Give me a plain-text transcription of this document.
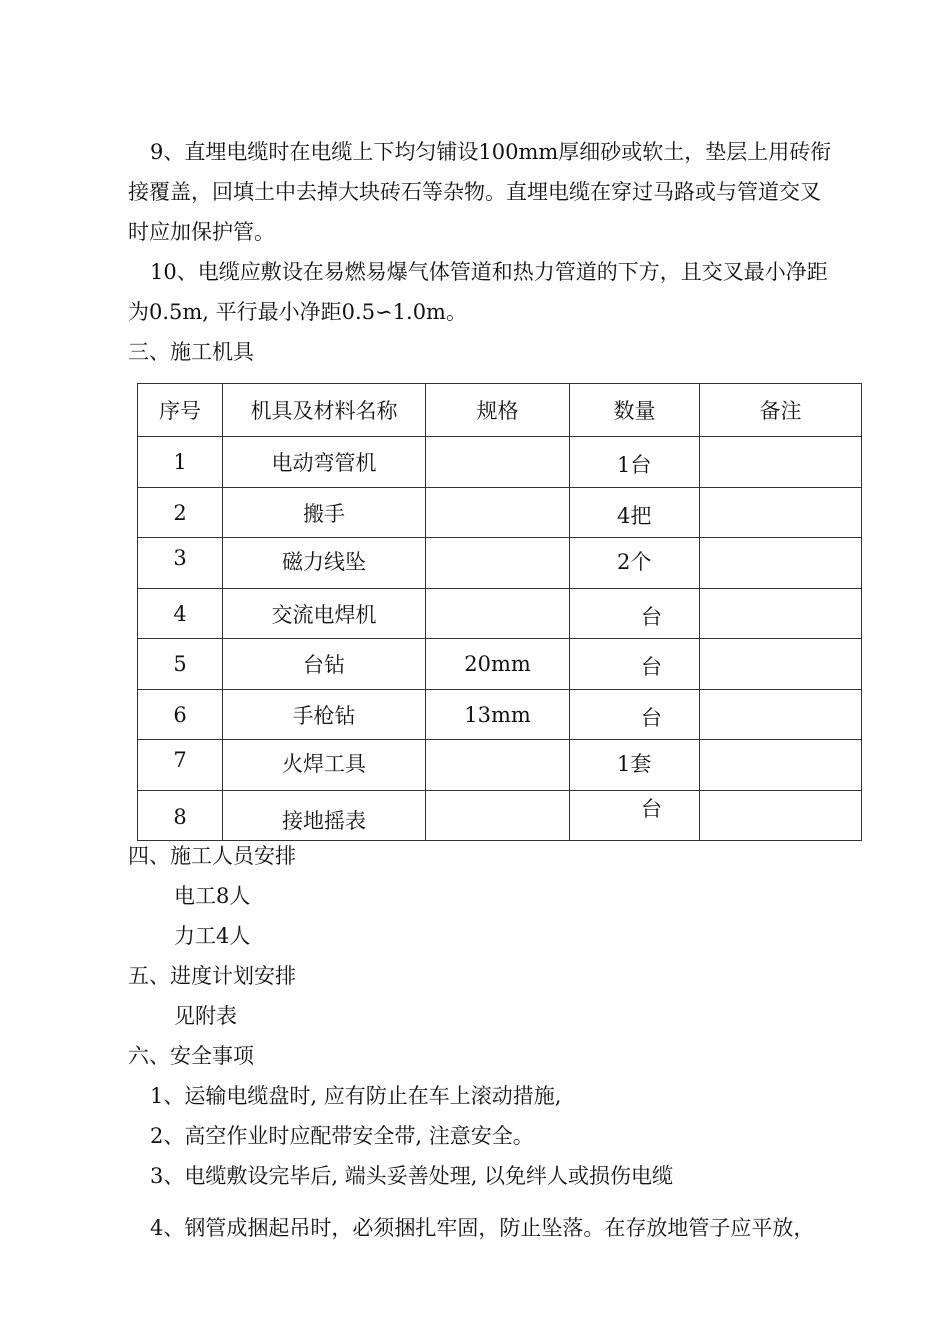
9、直埋电缆时在电缆上下均匀铺设100mm厚细砂或软土，垫层上用砖衔
接覆盖，回填土中去掉大块砖石等杂物。直埋电缆在穿过马路或与管道交叉
时应加保护管。
10、电缆应敷设在易燃易爆气体管道和热力管道的下方，且交叉最小净距
为0.5m, 平行最小净距0.5∽1.0m。
三、施工机具
序号	机具及材料名称	规格	数量	备注
1	电动弯管机		1台	

2	搬手		4把	

3	磁力线坠		2个	

4	交流电焊机		台	

5	台钻	20mm	台	

6	手枪钻	13mm	台	

7	火焊工具		1套	

8	接地摇表		台	

四、施工人员安排
电工8人
力工4人
五、进度计划安排
见附表
六、安全事项
1、运输电缆盘时, 应有防止在车上滚动措施,
2、高空作业时应配带安全带, 注意安全。
3、电缆敷设完毕后, 端头妥善处理, 以免绊人或损伤电缆
4、钢管成捆起吊时，必须捆扎牢固，防止坠落。在存放地管子应平放，
